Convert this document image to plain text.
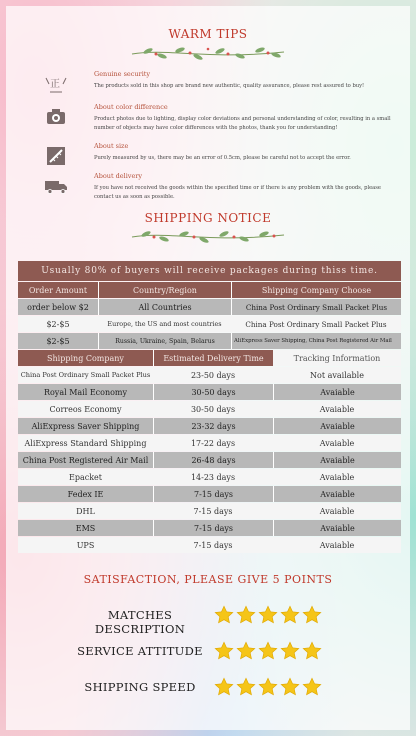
WARM TIPS
正
Genuine security
The products sold in this shop are brand new authentic, quality assurance, please rest assured to buy!
About color difference
Product photos due to lighting, display color deviations and personal understanding of color, resulting in a small number of objects may have color differences with the photos, thank you for understanding!
About size
Purely measured by us, there may be an error of 0.5cm, please be careful not to accept the error.
About delivery
If you have not received the goods within the specified time or if there is any problem with the goods, please contact us as soon as possible.
SHIPPING NOTICE
Usually 80% of buyers will receive packages during thiss time.
Order Amount	Country/Region	Shipping Company Choose
order below $2	All Countries	China Post Ordinary Small Packet Plus
$2-$5	Europe, the US and most countries	China Post Ordinary Small Packet Plus
$2-$5	Russia, Ukraine, Spain, Belarus	AliExpress Saver Shipping, China Post Registered Air Mail
Shipping Company	Estimated Delivery Time	Tracking Information
China Post Ordinary Small Packet Plus	23-50 days	Not available
Royal Mail Economy	30-50 days	Avaiable
Correos Economy	30-50 days	Avaiable
AliExpress Saver Shipping	23-32 days	Avaiable
AliExpress Standard Shipping	17-22 days	Avaiable
China Post Registered Air Mail	26-48 days	Avaiable
Epacket	14-23 days	Avaiable
Fedex IE	7-15 days	Avaiable
DHL	7-15 days	Avaiable
EMS	7-15 days	Avaiable
UPS	7-15 days	Avaiable
SATISFACTION, PLEASE GIVE 5 POINTS
MATCHES DESCRIPTION
SERVICE ATTITUDE
SHIPPING SPEED
